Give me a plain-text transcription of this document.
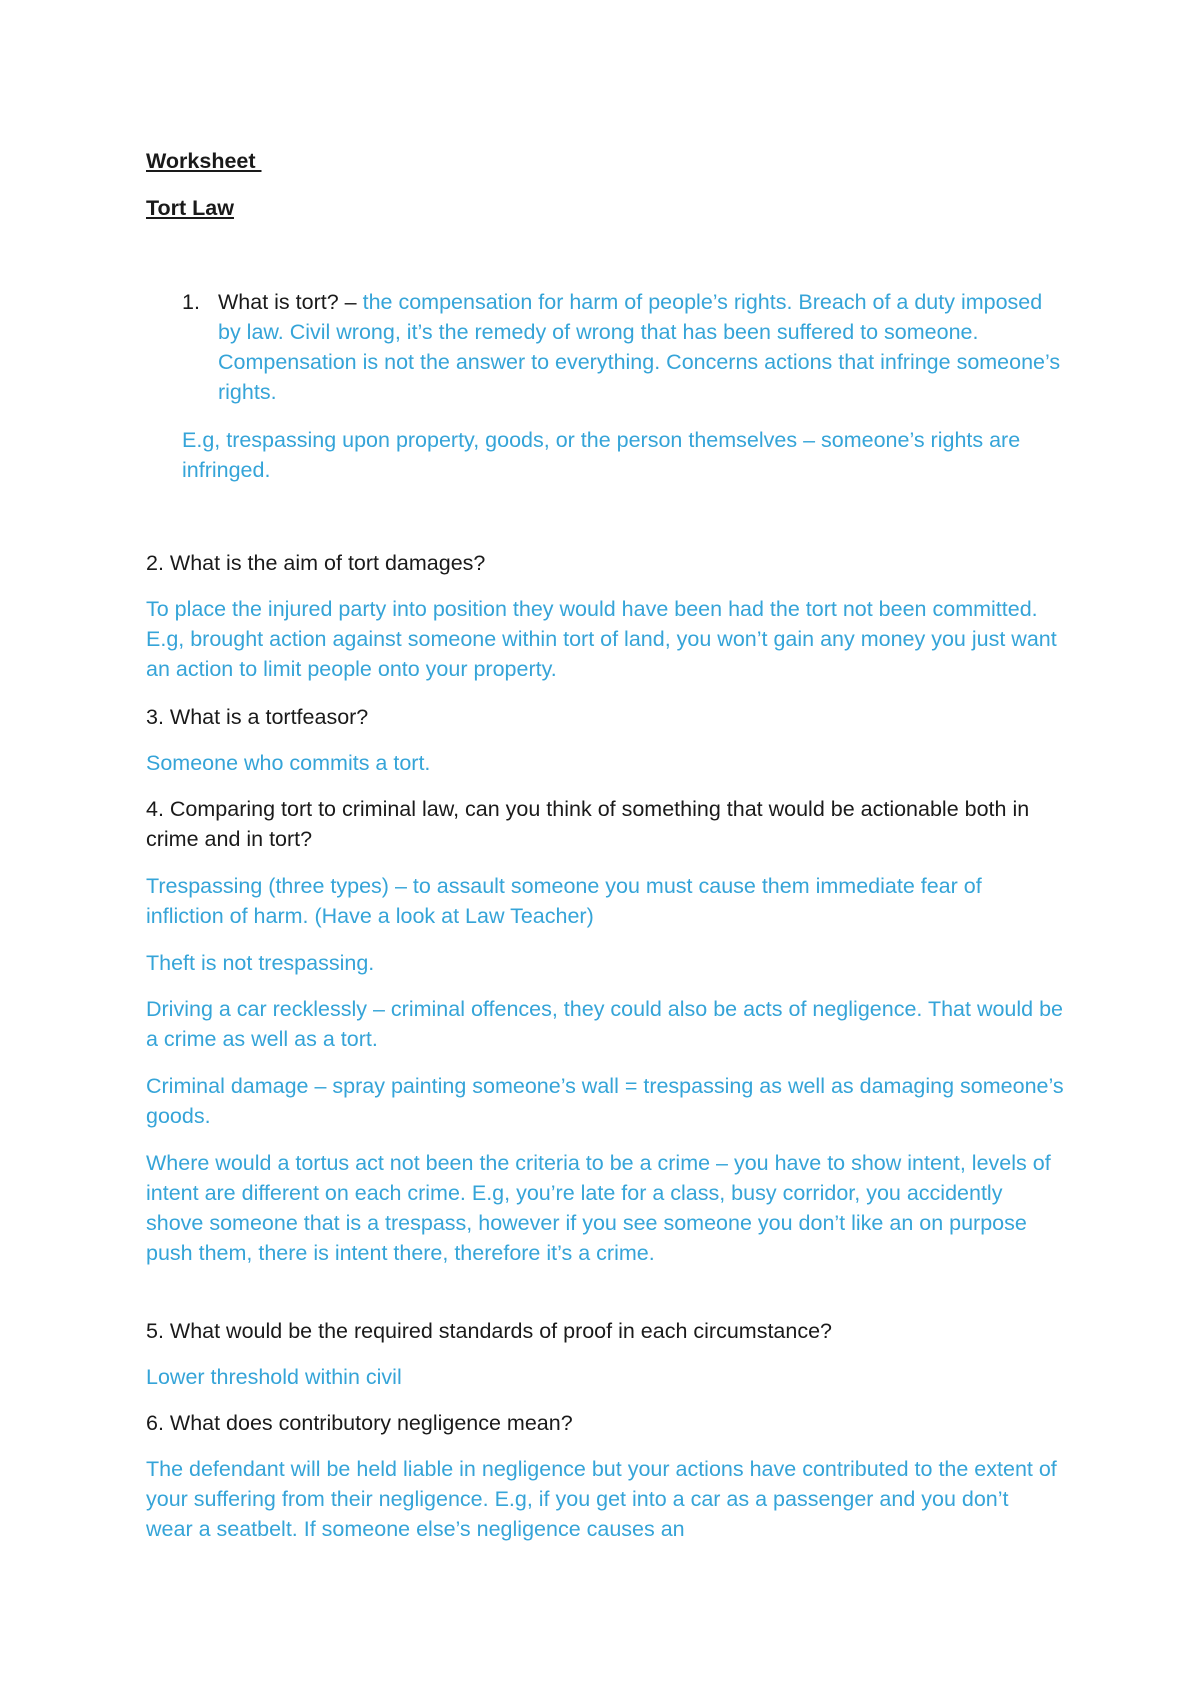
Worksheet
Tort Law
1. What is tort? – the compensation for harm of people’s rights. Breach of a duty imposed by law. Civil wrong, it’s the remedy of wrong that has been suffered to someone. Compensation is not the answer to everything. Concerns actions that infringe someone’s rights.

E.g, trespassing upon property, goods, or the person themselves – someone’s rights are infringed.

2. What is the aim of tort damages?

To place the injured party into position they would have been had the tort not been committed. E.g, brought action against someone within tort of land, you won’t gain any money you just want an action to limit people onto your property.

3. What is a tortfeasor?

Someone who commits a tort.

4. Comparing tort to criminal law, can you think of something that would be actionable both in crime and in tort?

Trespassing (three types) – to assault someone you must cause them immediate fear of infliction of harm. (Have a look at Law Teacher)

Theft is not trespassing.

Driving a car recklessly – criminal offences, they could also be acts of negligence. That would be a crime as well as a tort.

Criminal damage – spray painting someone’s wall = trespassing as well as damaging someone’s goods.

Where would a tortus act not been the criteria to be a crime – you have to show intent, levels of intent are different on each crime. E.g, you’re late for a class, busy corridor, you accidently shove someone that is a trespass, however if you see someone you don’t like an on purpose push them, there is intent there, therefore it’s a crime.

5. What would be the required standards of proof in each circumstance?

Lower threshold within civil

6. What does contributory negligence mean?

The defendant will be held liable in negligence but your actions have contributed to the extent of your suffering from their negligence. E.g, if you get into a car as a passenger and you don’t wear a seatbelt. If someone else’s negligence causes an
